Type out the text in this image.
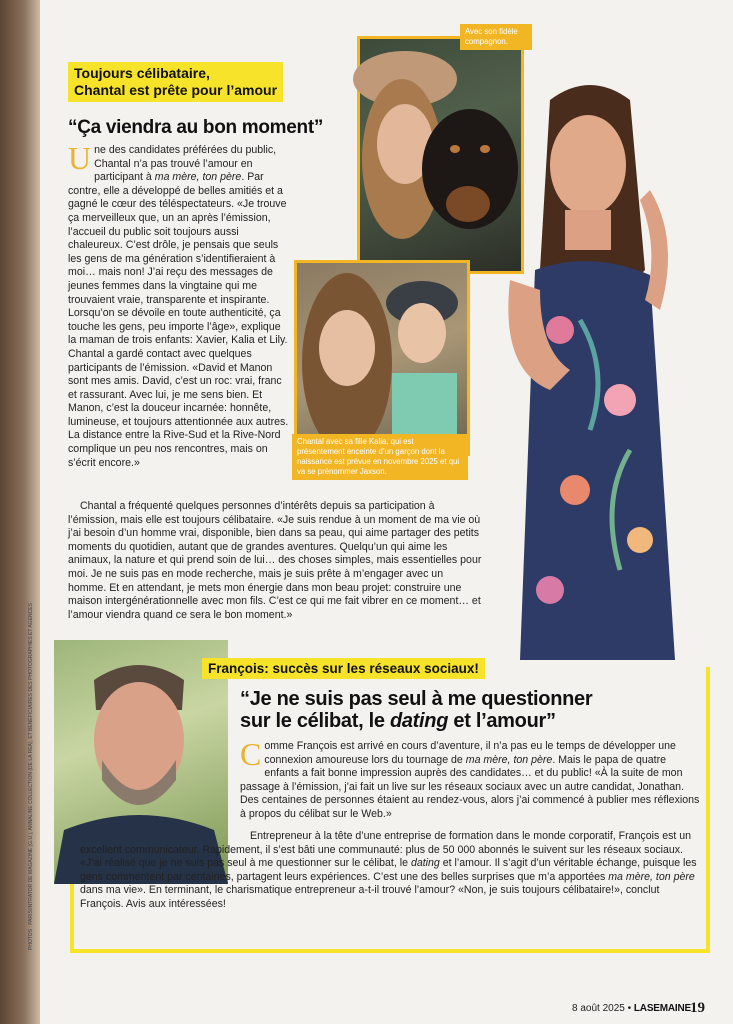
PHOTOS : PARIS/INTRATOR DE MAGAZINE (G.U.), ANNALINE COLLECTION (DE LA RÉA), ET BÉNÉFICIAIRES DES PHOTOGRAPHIES ET AGENCES
Toujours célibataire,
Chantal est prête pour l’amour
“Ça viendra au bon moment”

Une des candidates préférées du public, Chantal n’a pas trouvé l’amour en participant à ma mère, ton père. Par contre, elle a développé de belles amitiés et a gagné le cœur des téléspectateurs. «Je trouve ça merveilleux que, un an après l’émission, l’accueil du public soit toujours aussi chaleureux. C’est drôle, je pensais que seuls les gens de ma génération s’identifieraient à moi… mais non! J’ai reçu des messages de jeunes femmes dans la vingtaine qui me trouvaient vraie, transparente et inspirante. Lorsqu’on se dévoile en toute authenticité, ça touche les gens, peu importe l’âge», explique la maman de trois enfants: Xavier, Kalia et Lily. Chantal a gardé contact avec quelques participants de l’émission. «David et Manon sont mes amis. David, c’est un roc: vrai, franc et rassurant. Avec lui, je me sens bien. Et Manon, c’est la douceur incarnée: honnête, lumineuse, et toujours attentionnée aux autres. La distance entre la Rive-Sud et la Rive-Nord complique un peu nos rencontres, mais on s’écrit encore.»

Chantal a fréquenté quelques personnes d’intérêts depuis sa participation à l’émission, mais elle est toujours célibataire. «Je suis rendue à un moment de ma vie où j’ai besoin d’un homme vrai, disponible, bien dans sa peau, qui aime partager des petits moments du quotidien, autant que de grandes aventures. Quelqu’un qui aime les animaux, la nature et qui prend soin de lui… des choses simples, mais essentielles pour moi. Je ne suis pas en mode recherche, mais je suis prête à m’engager avec un homme. Et en attendant, je mets mon énergie dans mon beau projet: construire une maison intergénérationnelle avec mon fils. C’est ce qui me fait vibrer en ce moment… et l’amour viendra quand ce sera le bon moment.»

Avec son fidèle compagnon.
Chantal avec sa fille Kalia, qui est présentement enceinte d’un garçon dont la naissance est prévue en novembre 2025 et qui va se prénommer Jaxson.
François: succès sur les réseaux sociaux!
“Je ne suis pas seul à me questionner
sur le célibat, le dating et l’amour”

Comme François est arrivé en cours d’aventure, il n’a pas eu le temps de développer une connexion amoureuse lors du tournage de ma mère, ton père. Mais le papa de quatre enfants a fait bonne impression auprès des candidates… et du public! «À la suite de mon passage à l’émission, j’ai fait un live sur les réseaux sociaux avec un autre candidat, Jonathan. Des centaines de personnes étaient au rendez-vous, alors j’ai commencé à publier mes réflexions à propos du célibat sur le Web.»

Entrepreneur à la tête d’une entreprise de formation dans le monde corporatif, François est un excellent communicateur. Rapidement, il s’est bâti une communauté: plus de 50 000 abonnés le suivent sur les réseaux sociaux. «J’ai réalisé que je ne suis pas seul à me questionner sur le célibat, le dating et l’amour. Il s’agit d’un véritable échange, puisque les gens commentent par centaines, partagent leurs expériences. C’est une des belles surprises que m’a apportées ma mère, ton père dans ma vie». En terminant, le charismatique entrepreneur a-t-il trouvé l’amour? «Non, je suis toujours célibataire!», conclut François. Avis aux intéressées!

8 août 2025 • LASEMAINE 19
